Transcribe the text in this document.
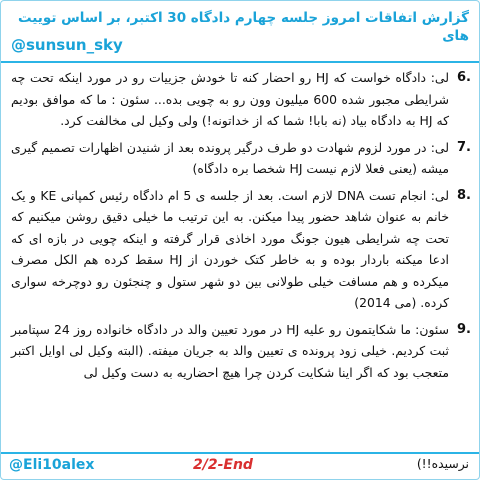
گزارش اتفاقات امروز جلسه چهارم دادگاه 30 اکتبر، بر اساس توییت های
@sunsun_sky
6.
لی: دادگاه خواست که HJ رو احضار کنه تا خودش جزییات رو در مورد اینکه تحت چه شرایطی مجبور شده 600 میلیون وون رو به چویی بده... سئون : ما که موافق بودیم که HJ به دادگاه بیاد (نه بابا! شما که از خداتونه!) ولی وکیل لی مخالفت کرد.
7.
لی: در مورد لزوم شهادت دو طرف درگیر پرونده بعد از شنیدن اظهارات تصمیم گیری میشه (یعنی فعلا لازم نیست HJ شخصا بره دادگاه)
8.
لی: انجام تست DNA لازم است. بعد از جلسه ی 5 ام دادگاه رئیس کمپانی KE و یک خانم به عنوان شاهد حضور پیدا میکنن. به این ترتیب ما خیلی دقیق روشن میکنیم که تحت چه شرایطی هیون جونگ مورد اخاذی قرار گرفته و اینکه چویی در بازه ای که ادعا میکنه باردار بوده و به خاطر کتک خوردن از HJ سقط کرده هم الکل مصرف میکرده و هم مسافت خیلی طولانی بین دو شهر ستول و چنجئون رو دوچرخه سواری کرده. (می 2014)
9.
سئون: ما شکایتمون رو علیه HJ در مورد تعیین والد در دادگاه خانواده روز 24 سپتامبر ثبت کردیم. خیلی زود پرونده ی تعیین والد به جریان میفته. (البته وکیل لی اوایل اکتبر متعجب بود که اگر اینا شکایت کردن چرا هیچ احضاریه به دست وکیل لی
@Eli10alex	2/2-End	نرسیده!!)
